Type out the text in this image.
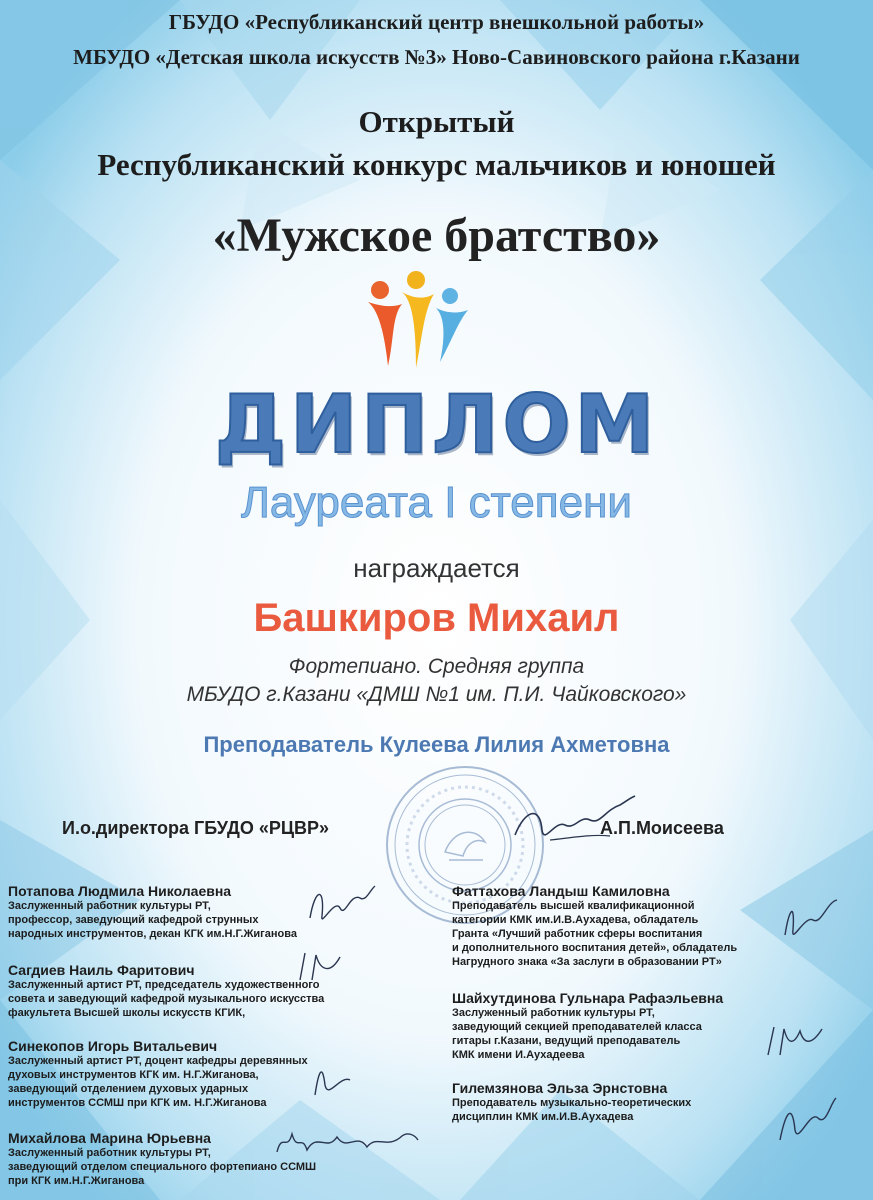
ГБУДО «Республиканский центр внешкольной работы»
МБУДО «Детская школа искусств №3» Ново-Савиновского района г.Казани
Открытый
Республиканский конкурс мальчиков и юношей
«Мужское братство»
ДИПЛОМ
Лауреата I степени
награждается
Башкиров Михаил
Фортепиано. Средняя группа
МБУДО г.Казани «ДМШ №1 им. П.И. Чайковского»
Преподаватель Кулеева Лилия Ахметовна
И.о.директора ГБУДО «РЦВР»	А.П.Моисеева
Потапова Людмила Николаевна
Заслуженный работник культуры РТ,
профессор, заведующий кафедрой струнных
народных инструментов, декан КГК им.Н.Г.Жиганова
Сагдиев Наиль Фаритович
Заслуженный артист РТ, председатель художественного
совета и заведующий кафедрой музыкального искусства
факультета Высшей школы искусств КГИК,
Синекопов Игорь Витальевич
Заслуженный артист РТ, доцент кафедры деревянных
духовых инструментов КГК им. Н.Г.Жиганова,
заведующий отделением духовых ударных
инструментов ССМШ при КГК им. Н.Г.Жиганова
Михайлова Марина Юрьевна
Заслуженный работник культуры РТ,
заведующий отделом специального фортепиано ССМШ
при КГК им.Н.Г.Жиганова
Фаттахова Ландыш Камиловна
Преподаватель высшей квалификационной
категории КМК им.И.В.Аухадева, обладатель
Гранта «Лучший работник сферы воспитания
и дополнительного воспитания детей», обладатель
Нагрудного знака «За заслуги в образовании РТ»
Шайхутдинова Гульнара Рафаэльевна
Заслуженный работник культуры РТ,
заведующий секцией преподавателей класса
гитары г.Казани, ведущий преподаватель
КМК имени И.Аухадеева
Гилемзянова Эльза Эрнстовна
Преподаватель музыкально-теоретических
дисциплин КМК им.И.В.Аухадева
